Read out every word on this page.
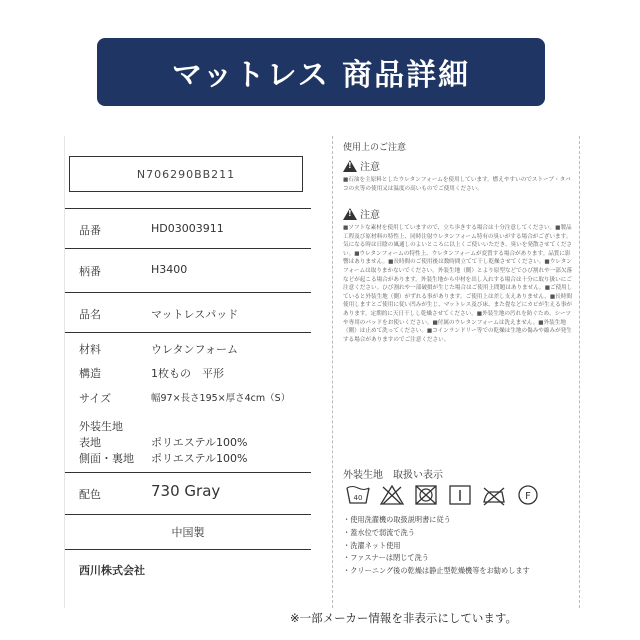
マットレス 商品詳細
N706290BB211
品番	HD03003911
柄番	H3400
品名	マットレスパッド
材料	ウレタンフォーム
構造	1枚もの　平形
サイズ	幅97×長さ195×厚さ4cm（S）
外装生地
表地	ポリエステル100%
側面・裏地 ポリエステル100%
配色	730 Gray
中国製
西川株式会社
使用上のご注意
!
注意
■石油を主原料としたウレタンフォームを使用しています。燃えやすいのでストーブ・タバコの火等の使用又は温度の高いものでご使用ください。
!
注意
■ソフトな素材を使用していますので、立ち歩きする場合は十分注意してください。■製品工程及び原材料の特性上、同時注射ウレタンフォーム特有の臭いがする場合がございます。気になる時は日陰の風通しのよいところに以上くご使いいただき、臭いを発散させてください。■ウレタンフォームの特性上、ウレタンフォームが変質する場合があります。品質に影響はありません。■長時間のご使用後は数時間立てて干し乾燥させてください。■ウレタンフォームは取りまかないでください。外装生地（側）とより原型などでひび割れや一部欠落などが起こる場合があります。外装生地から中材を出し入れする場合は十分に取り扱いにご注意ください。ひび割れや一部破損が生じた場合はご使用上問題はありません。■ご使用していると外装生地（側）がずれる事があります。ご使用上は差し支えありません。■長時間使用しますとご使用に従い凹みが生じ、マットレス及び床、また畳などにカビが生える事があります。定期的に天日干しし乾燥させてください。■外装生地の汚れを防ぐため、シーツや専用のパッドをお使いください。■付属のウレタンフォームは洗えません。■外装生地（側）は止めて洗ってください。■コインランドリー等での乾燥は生地の傷みや縮みが発生する場合がありますのでご注意ください。
外装生地　取扱い表示
40	F
・使用洗濯機の取扱説明書に従う
・蓋水位で弱流で洗う
・洗濯ネット使用
・ファスナーは閉じて洗う
・クリーニング後の乾燥は静止型乾燥機等をお勧めします
※一部メーカー情報を非表示にしています。
